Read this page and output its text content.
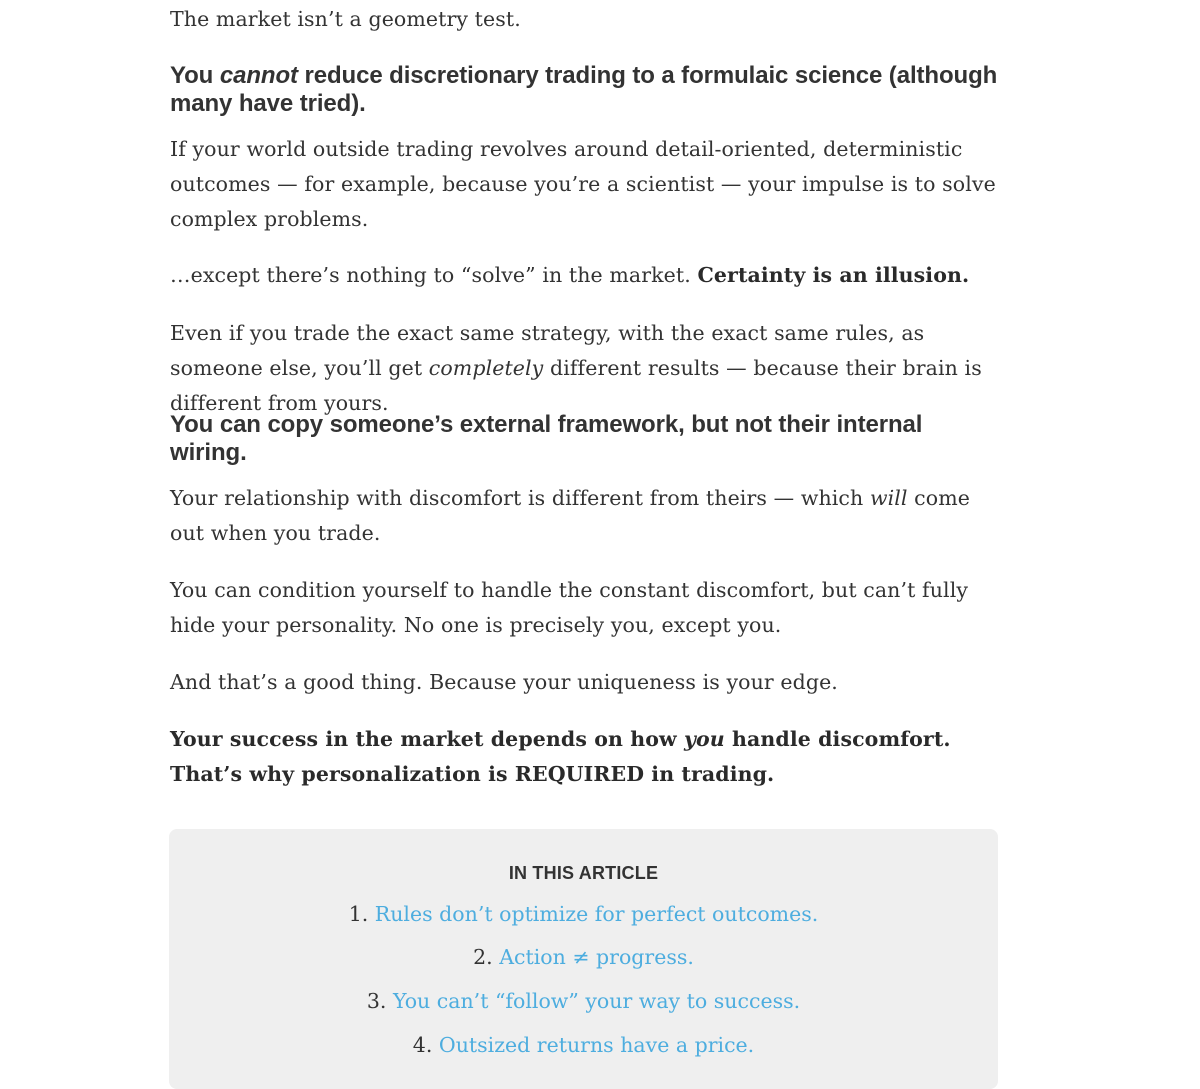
The market isn’t a geometry test.

You cannot reduce discretionary trading to a formulaic science (although many have tried).

If your world outside trading revolves around detail-oriented, deterministic outcomes — for example, because you’re a scientist — your impulse is to solve complex problems.

…except there’s nothing to “solve” in the market. Certainty is an illusion.

Even if you trade the exact same strategy, with the exact same rules, as someone else, you’ll get completely different results — because their brain is different from yours.

You can copy someone’s external framework, but not their internal wiring.

Your relationship with discomfort is different from theirs — which will come out when you trade.

You can condition yourself to handle the constant discomfort, but can’t fully hide your personality. No one is precisely you, except you.

And that’s a good thing. Because your uniqueness is your edge.

Your success in the market depends on how you handle discomfort. That’s why personalization is REQUIRED in trading.

IN THIS ARTICLE
1. Rules don’t optimize for perfect outcomes.
2. Action ≠ progress.
3. You can’t “follow” your way to success.
4. Outsized returns have a price.
